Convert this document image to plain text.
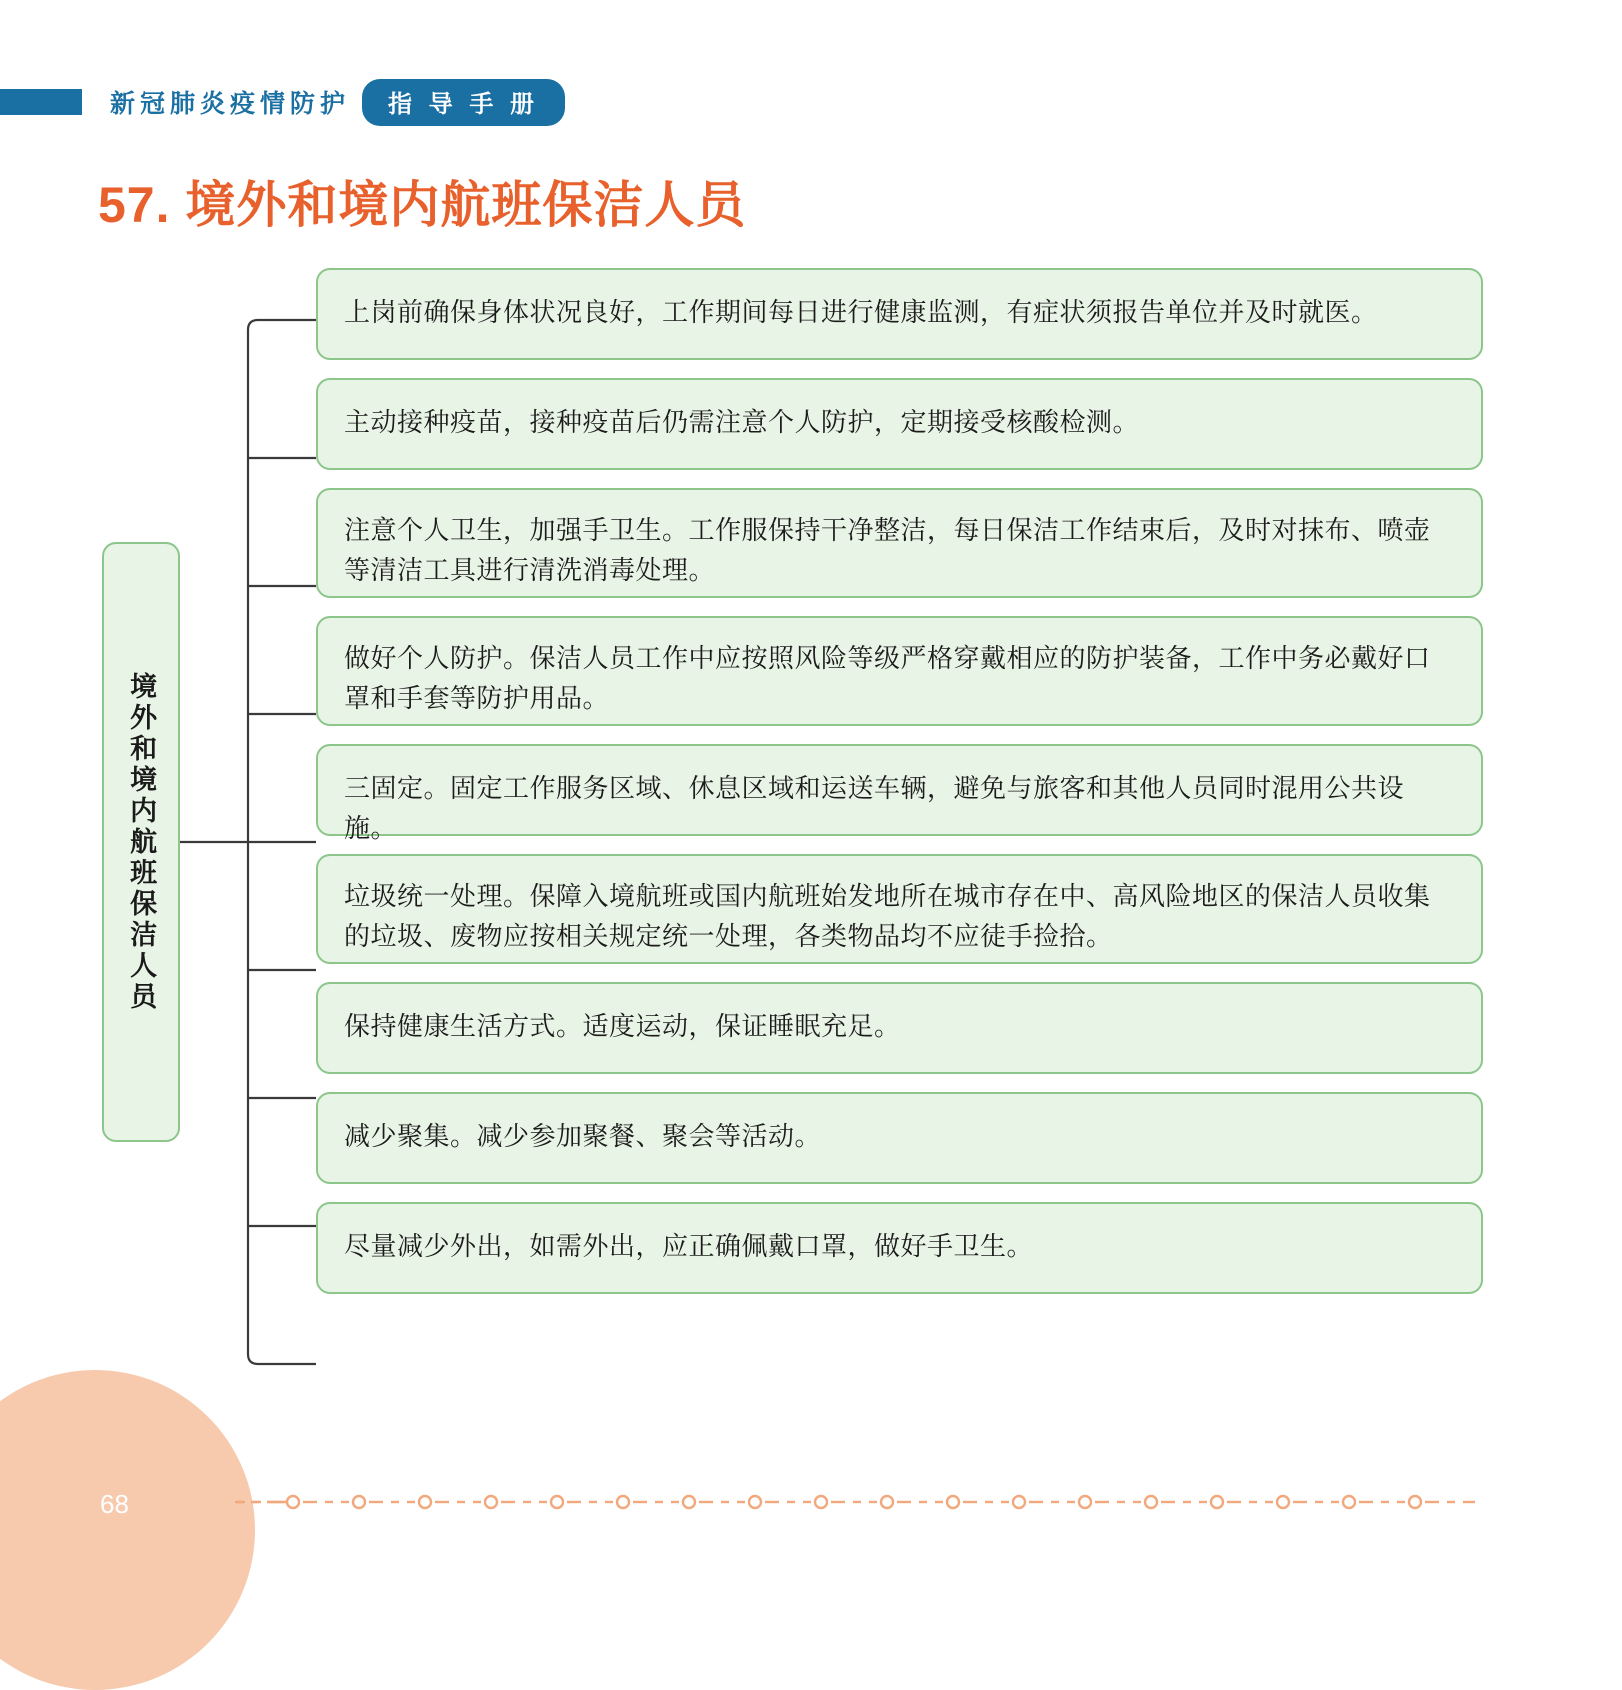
新冠肺炎疫情防护	指 导 手 册
57. 境外和境内航班保洁人员
境外和境内航班保洁人员
上岗前确保身体状况良好，工作期间每日进行健康监测，有症状须报告单位并及时就医。
主动接种疫苗，接种疫苗后仍需注意个人防护，定期接受核酸检测。
注意个人卫生，加强手卫生。工作服保持干净整洁，每日保洁工作结束后，及时对抹布、喷壶等清洁工具进行清洗消毒处理。
做好个人防护。保洁人员工作中应按照风险等级严格穿戴相应的防护装备，工作中务必戴好口罩和手套等防护用品。
三固定。固定工作服务区域、休息区域和运送车辆，避免与旅客和其他人员同时混用公共设施。
垃圾统一处理。保障入境航班或国内航班始发地所在城市存在中、高风险地区的保洁人员收集的垃圾、废物应按相关规定统一处理，各类物品均不应徒手捡拾。
保持健康生活方式。适度运动，保证睡眠充足。
减少聚集。减少参加聚餐、聚会等活动。
尽量减少外出，如需外出，应正确佩戴口罩，做好手卫生。
68
